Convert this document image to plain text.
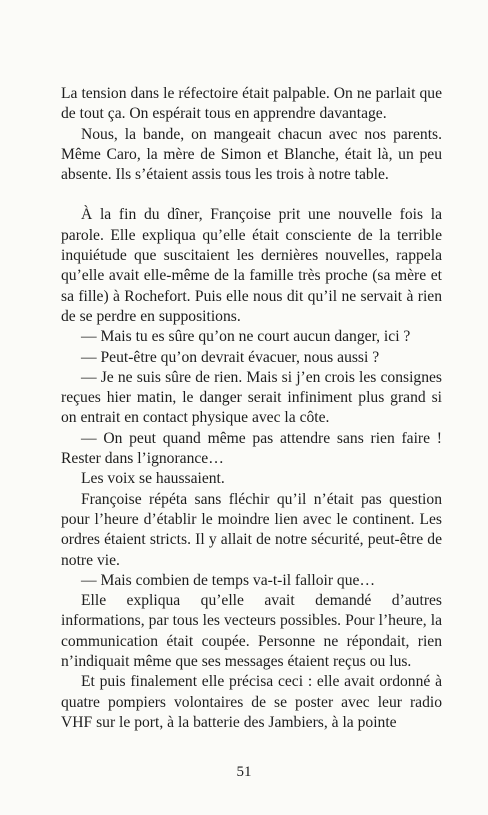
La tension dans le réfectoire était palpable. On ne parlait que de tout ça. On espérait tous en apprendre davantage.

Nous, la bande, on mangeait chacun avec nos parents. Même Caro, la mère de Simon et Blanche, était là, un peu absente. Ils s’étaient assis tous les trois à notre table.

À la fin du dîner, Françoise prit une nouvelle fois la parole. Elle expliqua qu’elle était consciente de la terrible inquiétude que suscitaient les dernières nouvelles, rappela qu’elle avait elle-même de la famille très proche (sa mère et sa fille) à Rochefort. Puis elle nous dit qu’il ne servait à rien de se perdre en suppositions.

— Mais tu es sûre qu’on ne court aucun danger, ici ?

— Peut-être qu’on devrait évacuer, nous aussi ?

— Je ne suis sûre de rien. Mais si j’en crois les consignes reçues hier matin, le danger serait infiniment plus grand si on entrait en contact physique avec la côte.

— On peut quand même pas attendre sans rien faire ! Rester dans l’ignorance…

Les voix se haussaient.

Françoise répéta sans fléchir qu’il n’était pas question pour l’heure d’établir le moindre lien avec le continent. Les ordres étaient stricts. Il y allait de notre sécurité, peut-être de notre vie.

— Mais combien de temps va-t-il falloir que…

Elle expliqua qu’elle avait demandé d’autres informations, par tous les vecteurs possibles. Pour l’heure, la communication était coupée. Personne ne répondait, rien n’indiquait même que ses messages étaient reçus ou lus.

Et puis finalement elle précisa ceci : elle avait ordonné à quatre pompiers volontaires de se poster avec leur radio VHF sur le port, à la batterie des Jambiers, à la pointe

51
